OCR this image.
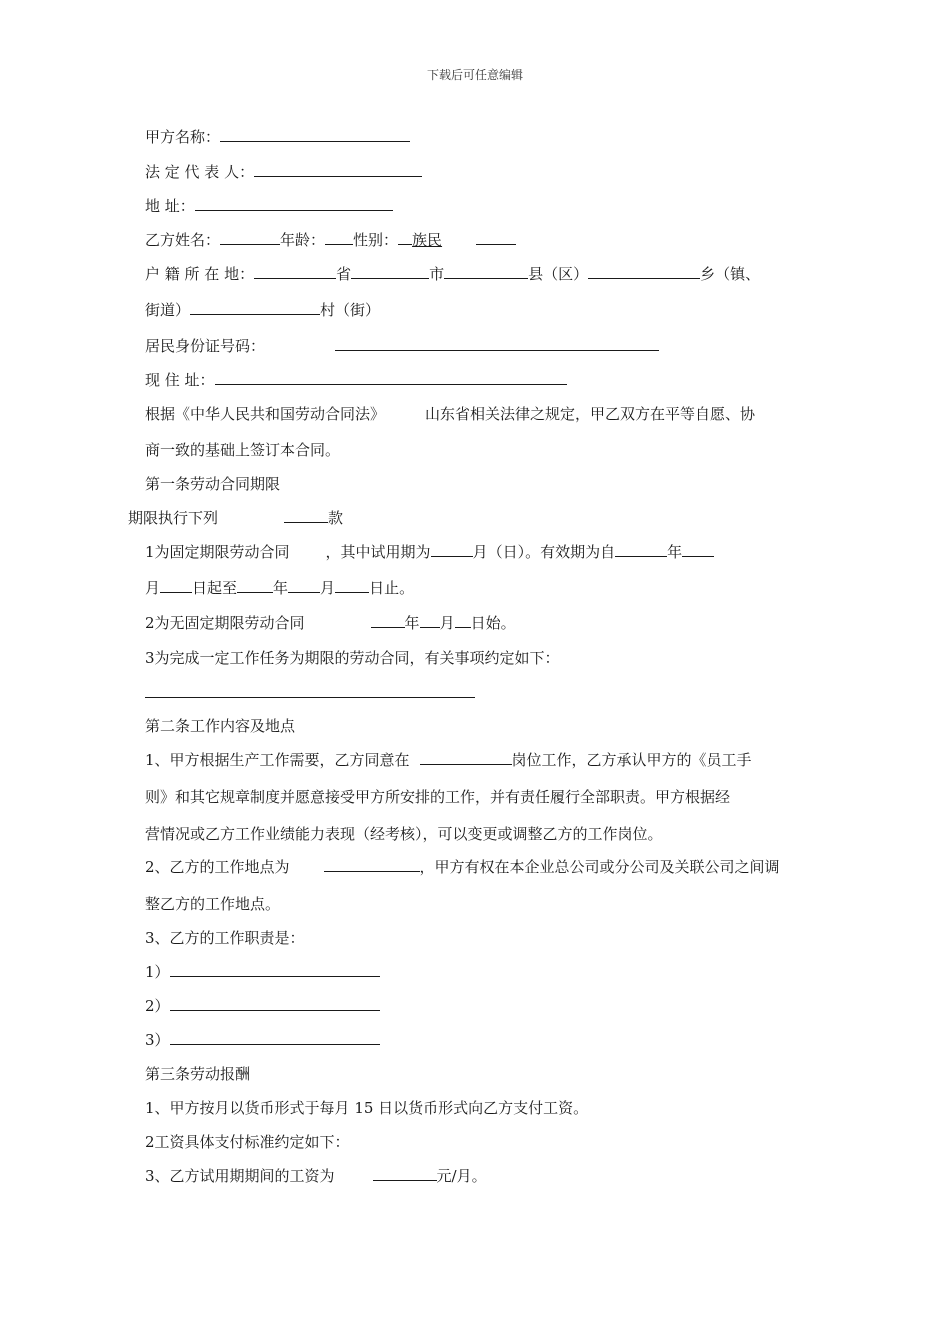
下载后可任意编辑
甲方名称：
法 定 代 表 人：
地 址：
乙方姓名：	年龄： 性别： 族民
户 籍 所 在 地：	省	市	县（区）	乡（镇、
街道）	村（街）
居民身份证号码：
现 住 址：
根据《中华人民共和国劳动合同法》	山东省相关法律之规定，甲乙双方在平等自愿、协
商一致的基础上签订本合同。
第一条劳动合同期限
期限执行下列	款
1为固定期限劳动合同 ，其中试用期为	月（日）。有效期为自	年
月 日起至 年 月 日止。
2为无固定期限劳动合同	年 月 日始。
3为完成一定工作任务为期限的劳动合同，有关事项约定如下：
第二条工作内容及地点
1、甲方根据生产工作需要，乙方同意在	岗位工作，乙方承认甲方的《员工手
则》和其它规章制度并愿意接受甲方所安排的工作，并有责任履行全部职责。甲方根据经
营情况或乙方工作业绩能力表现（经考核），可以变更或调整乙方的工作岗位。
2、乙方的工作地点为	，甲方有权在本企业总公司或分公司及关联公司之间调
整乙方的工作地点。
3、乙方的工作职责是：
1）
2）
3）
第三条劳动报酬
1、甲方按月以货币形式于每月 15 日以货币形式向乙方支付工资。
2工资具体支付标准约定如下：
3、乙方试用期期间的工资为	元/月。
